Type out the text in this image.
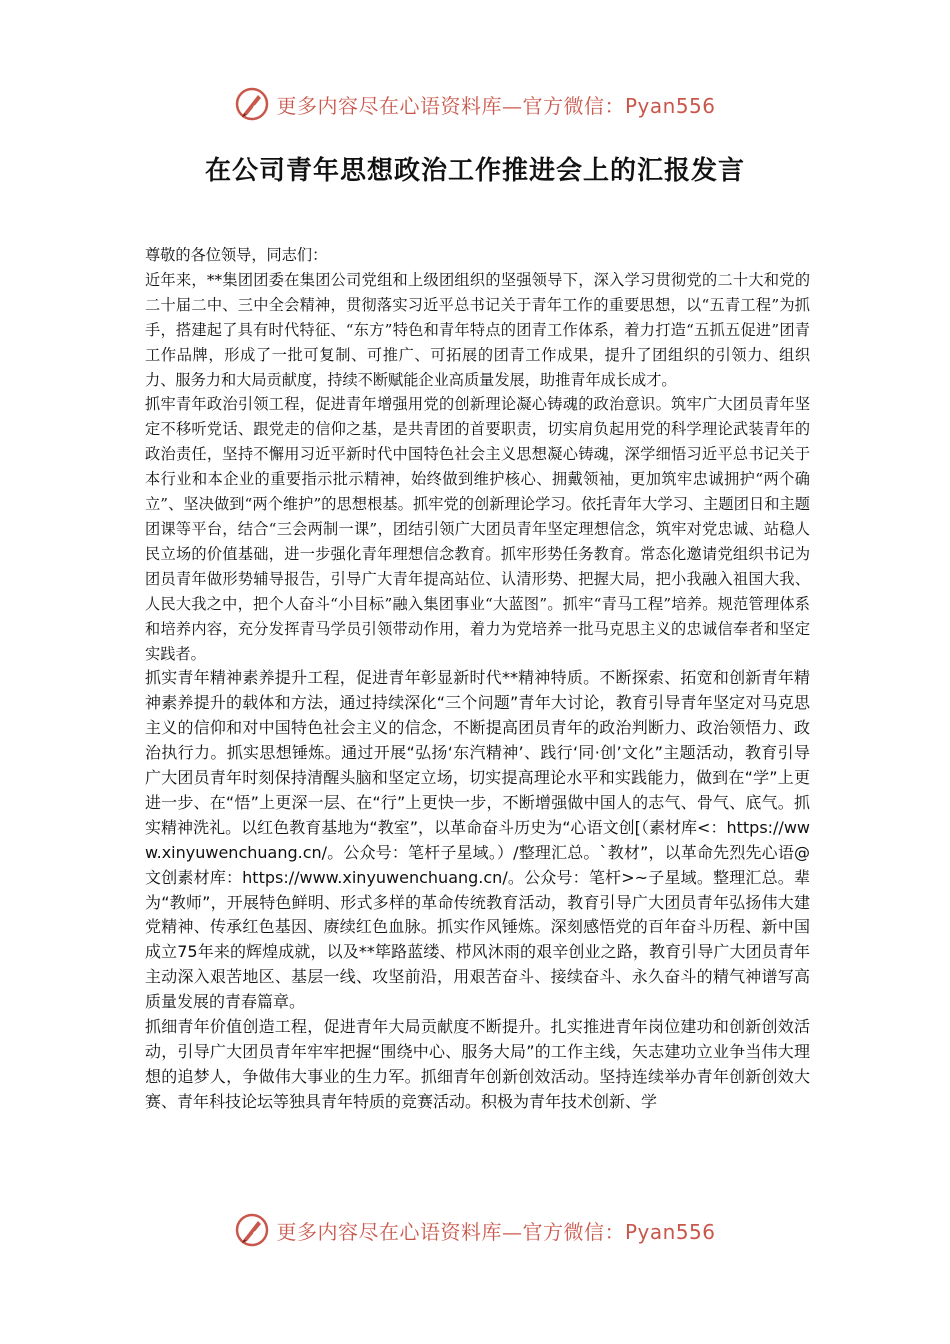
更多内容尽在心语资料库—官方微信：Pyan556
在公司青年思想政治工作推进会上的汇报发言

尊敬的各位领导，同志们：

近年来，**集团团委在集团公司党组和上级团组织的坚强领导下，深入学习贯彻党的二十大和党的二十届二中、三中全会精神，贯彻落实习近平总书记关于青年工作的重要思想，以“五青工程”为抓手，搭建起了具有时代特征、“东方”特色和青年特点的团青工作体系，着力打造“五抓五促进”团青工作品牌，形成了一批可复制、可推广、可拓展的团青工作成果，提升了团组织的引领力、组织力、服务力和大局贡献度，持续不断赋能企业高质量发展，助推青年成长成才。

抓牢青年政治引领工程，促进青年增强用党的创新理论凝心铸魂的政治意识。筑牢广大团员青年坚定不移听党话、跟党走的信仰之基，是共青团的首要职责，切实肩负起用党的科学理论武装青年的政治责任，坚持不懈用习近平新时代中国特色社会主义思想凝心铸魂，深学细悟习近平总书记关于本行业和本企业的重要指示批示精神，始终做到维护核心、拥戴领袖，更加筑牢忠诚拥护“两个确立”、坚决做到“两个维护”的思想根基。抓牢党的创新理论学习。依托青年大学习、主题团日和主题团课等平台，结合“三会两制一课”，团结引领广大团员青年坚定理想信念，筑牢对党忠诚、站稳人民立场的价值基础，进一步强化青年理想信念教育。抓牢形势任务教育。常态化邀请党组织书记为团员青年做形势辅导报告，引导广大青年提高站位、认清形势、把握大局，把小我融入祖国大我、人民大我之中，把个人奋斗“小目标”融入集团事业“大蓝图”。抓牢“青马工程”培养。规范管理体系和培养内容，充分发挥青马学员引领带动作用，着力为党培养一批马克思主义的忠诚信奉者和坚定实践者。

抓实青年精神素养提升工程，促进青年彰显新时代**精神特质。不断探索、拓宽和创新青年精神素养提升的载体和方法，通过持续深化“三个问题”青年大讨论，教育引导青年坚定对马克思主义的信仰和对中国特色社会主义的信念，不断提高团员青年的政治判断力、政治领悟力、政治执行力。抓实思想锤炼。通过开展“弘扬‘东汽精神’、践行‘同·创’文化”主题活动，教育引导广大团员青年时刻保持清醒头脑和坚定立场，切实提高理论水平和实践能力，做到在“学”上更进一步、在“悟”上更深一层、在“行”上更快一步，不断增强做中国人的志气、骨气、底气。抓实精神洗礼。以红色教育基地为“教室”，以革命奋斗历史为“心语文创[（素材库<：https://www.xinyuwenchuang.cn/。公众号：笔杆子星域。）/整理汇总。`教材”，以革命先烈先心语@文创素材库：https://www.xinyuwenchuang.cn/。公众号：笔杆>~子星域。整理汇总。辈为“教师”，开展特色鲜明、形式多样的革命传统教育活动，教育引导广大团员青年弘扬伟大建党精神、传承红色基因、赓续红色血脉。抓实作风锤炼。深刻感悟党的百年奋斗历程、新中国成立75年来的辉煌成就，以及**筚路蓝缕、栉风沐雨的艰辛创业之路，教育引导广大团员青年主动深入艰苦地区、基层一线、攻坚前沿，用艰苦奋斗、接续奋斗、永久奋斗的精气神谱写高质量发展的青春篇章。

抓细青年价值创造工程，促进青年大局贡献度不断提升。扎实推进青年岗位建功和创新创效活动，引导广大团员青年牢牢把握“围绕中心、服务大局”的工作主线，矢志建功立业争当伟大理想的追梦人，争做伟大事业的生力军。抓细青年创新创效活动。坚持连续举办青年创新创效大赛、青年科技论坛等独具青年特质的竞赛活动。积极为青年技术创新、学

更多内容尽在心语资料库—官方微信：Pyan556
